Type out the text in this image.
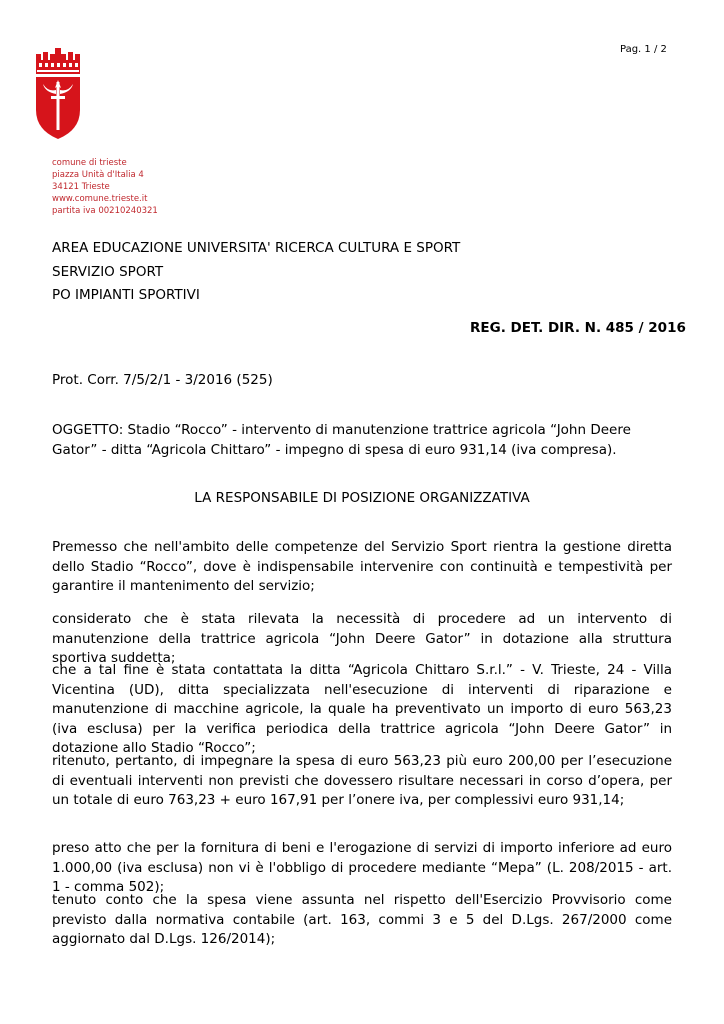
Pag. 1 / 2
comune di trieste
piazza Unità d'Italia 4
34121 Trieste
www.comune.trieste.it
partita iva 00210240321
AREA EDUCAZIONE UNIVERSITA' RICERCA CULTURA E SPORT
SERVIZIO SPORT
PO IMPIANTI SPORTIVI
REG. DET. DIR. N. 485 / 2016
Prot. Corr. 7/5/2/1 - 3/2016 (525)
OGGETTO: Stadio “Rocco” - intervento di manutenzione trattrice agricola “John Deere Gator” - ditta “Agricola Chittaro” - impegno di spesa di euro 931,14 (iva compresa).
LA RESPONSABILE DI POSIZIONE ORGANIZZATIVA
Premesso che nell'ambito delle competenze del Servizio Sport rientra la gestione diretta dello Stadio “Rocco”, dove è indispensabile intervenire con continuità e tempestività per garantire il mantenimento del servizio;
considerato che è stata rilevata la necessità di procedere ad un intervento di manutenzione della trattrice agricola “John Deere Gator” in dotazione alla struttura sportiva suddetta;
che a tal fine è stata contattata la ditta “Agricola Chittaro S.r.l.” - V. Trieste, 24 - Villa Vicentina (UD), ditta specializzata nell'esecuzione di interventi di riparazione e manutenzione di macchine agricole, la quale ha preventivato un importo di euro 563,23 (iva esclusa) per la verifica periodica della trattrice agricola “John Deere Gator” in dotazione allo Stadio “Rocco”;
ritenuto, pertanto, di impegnare la spesa di euro 563,23 più euro 200,00 per l’esecuzione di eventuali interventi non previsti che dovessero risultare necessari in corso d’opera, per un totale di euro 763,23 + euro 167,91 per l’onere iva, per complessivi euro 931,14;
preso atto che per la fornitura di beni e l'erogazione di servizi di importo inferiore ad euro 1.000,00 (iva esclusa) non vi è l'obbligo di procedere mediante “Mepa” (L. 208/2015 - art. 1 - comma 502);
tenuto conto che la spesa viene assunta nel rispetto dell'Esercizio Provvisorio come previsto dalla normativa contabile (art. 163, commi 3 e 5 del D.Lgs. 267/2000 come aggiornato dal D.Lgs. 126/2014);
